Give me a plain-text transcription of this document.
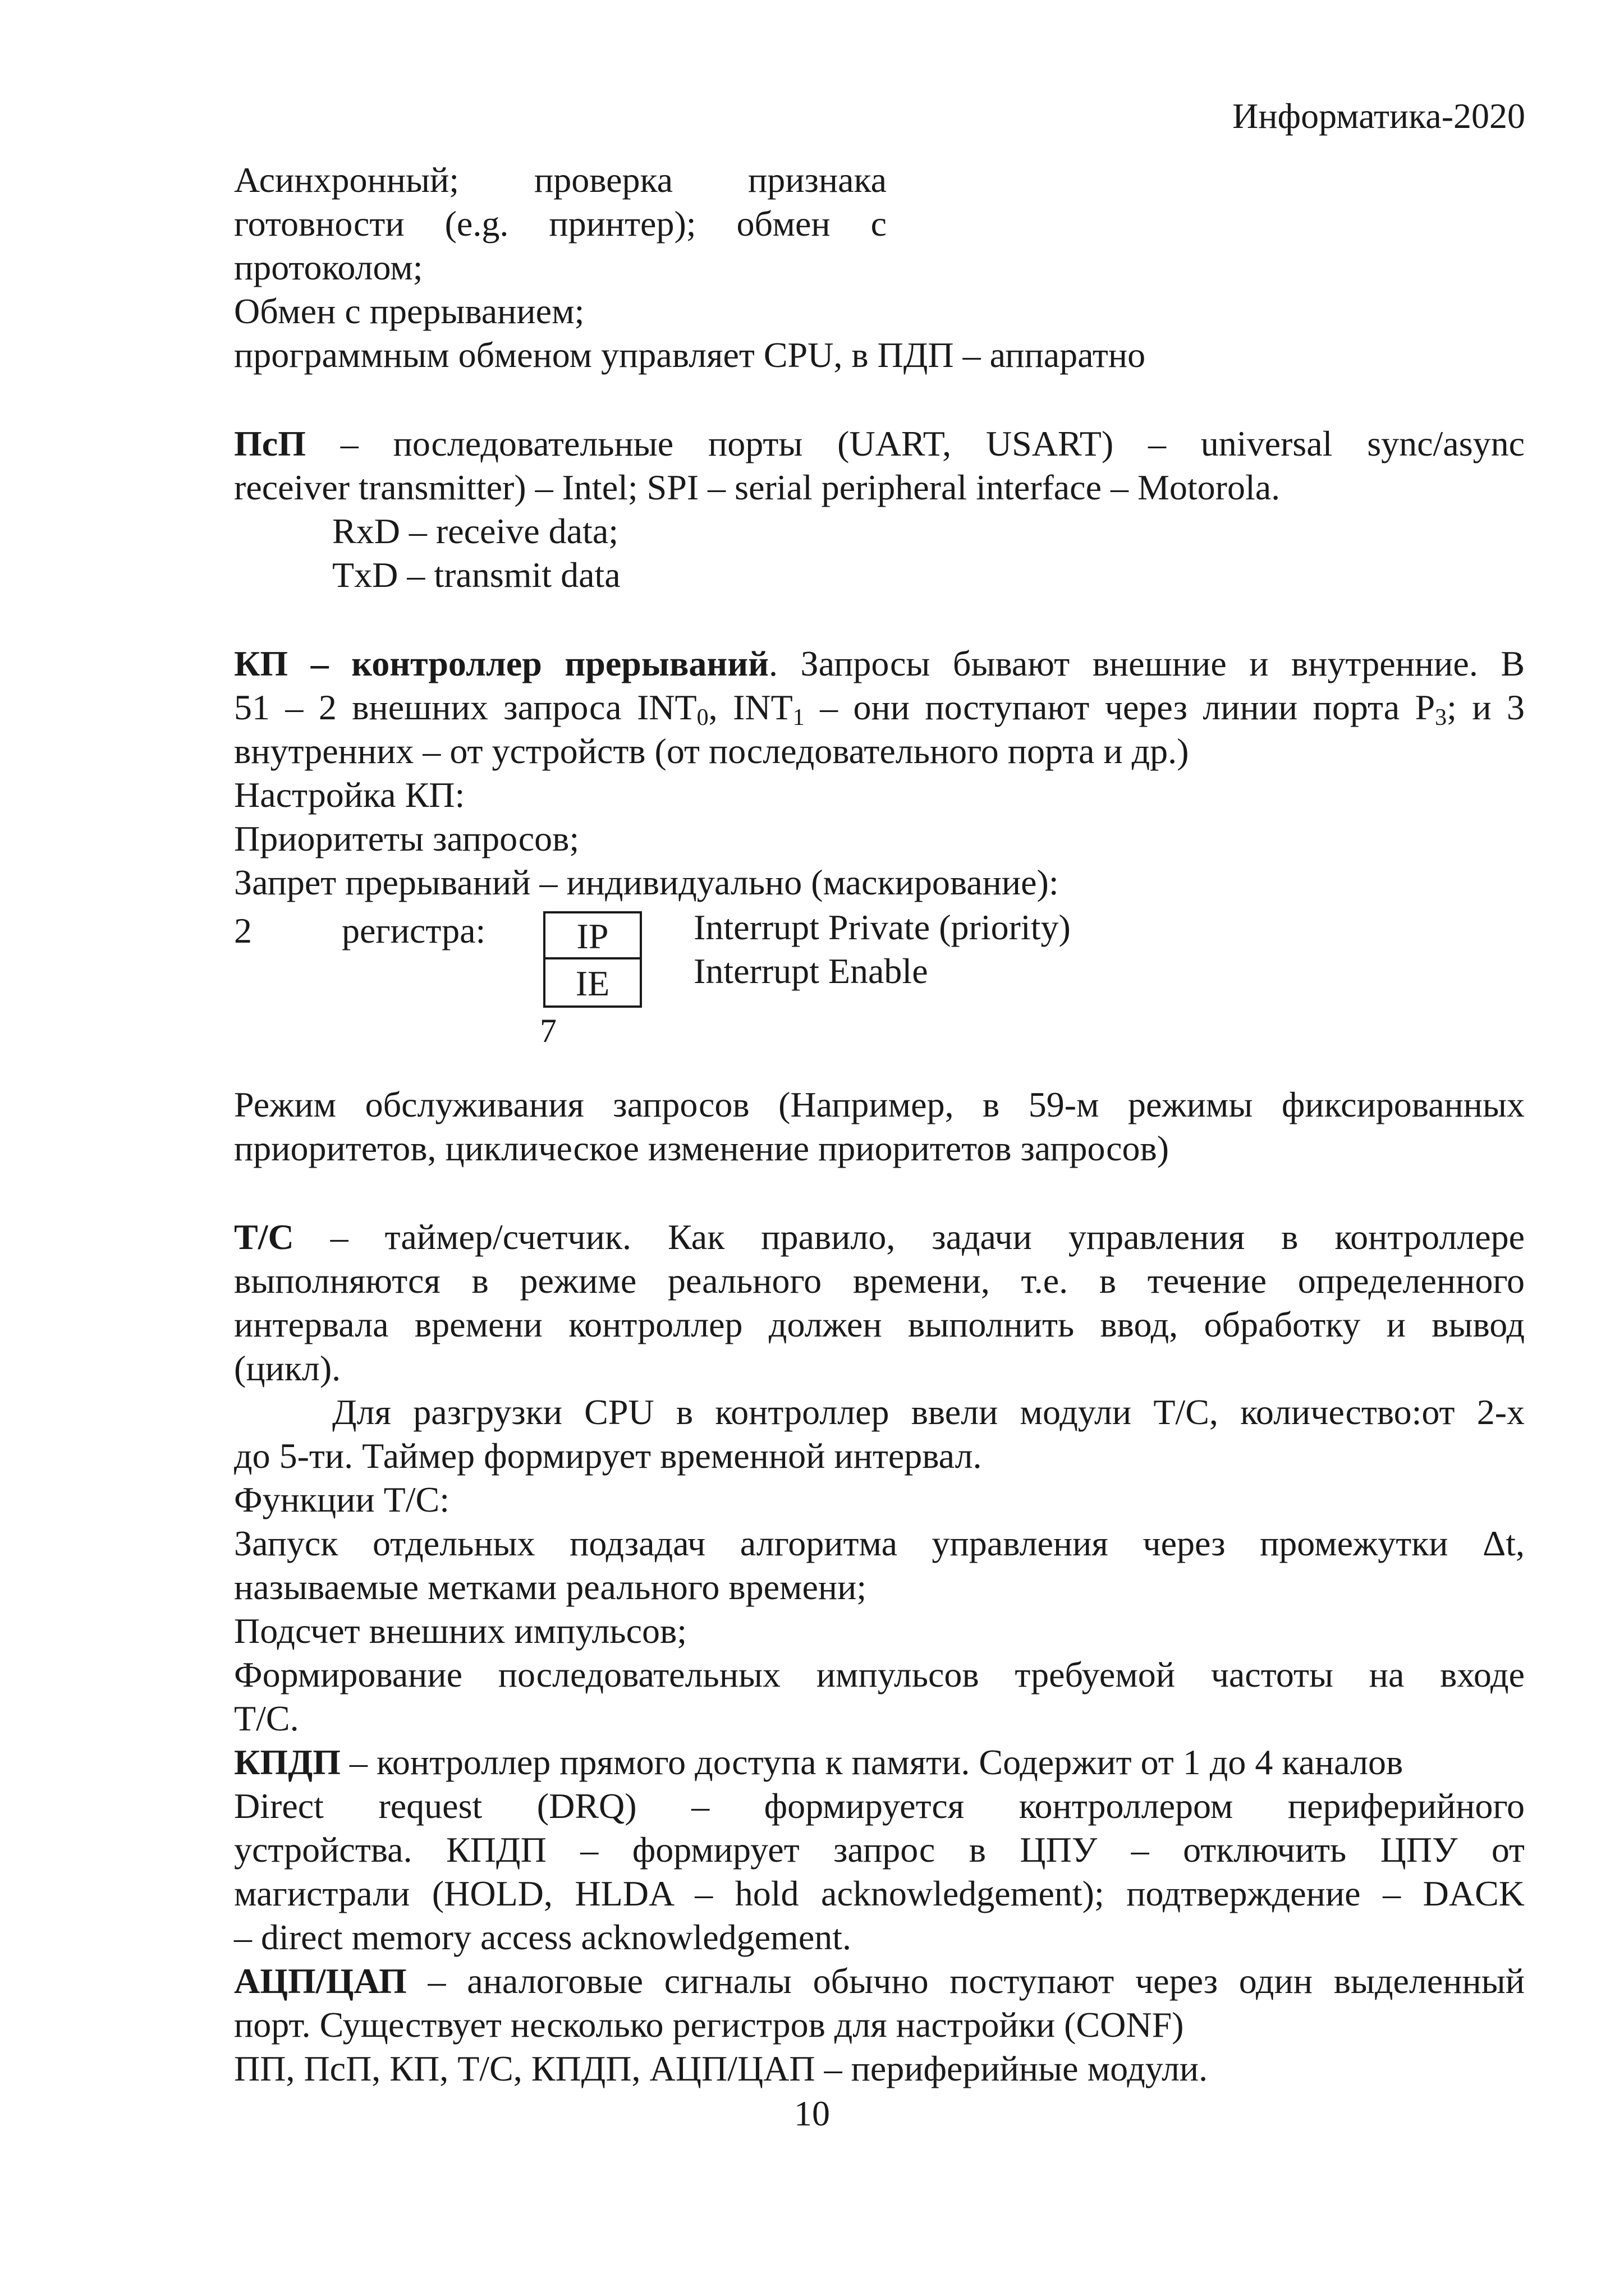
Информатика-2020
Асинхронный; проверка признака
готовности (e.g. принтер); обмен с
протоколом;
Обмен с прерыванием;
программным обменом управляет CPU, в ПДП – аппаратно
ПсП – последовательные порты (UART, USART) – universal sync/async
receiver transmitter) – Intel; SPI – serial peripheral interface – Motorola.
RxD – receive data;
TxD – transmit data
КП – контроллер прерываний. Запросы бывают внешние и внутренние. В
51 – 2 внешних запроса $INT_0$, $INT_1$ – они поступают через линии порта $P_3$; и 3
внутренних – от устройств (от последовательного порта и др.)
Настройка КП:
Приоритеты запросов;
Запрет прерываний – индивидуально (маскирование):
2	регистра:	IP
IE
Interrupt Private (priority)
Interrupt Enable
7
Режим обслуживания запросов (Например, в 59-м режимы фиксированных
приоритетов, циклическое изменение приоритетов запросов)
Т/С – таймер/счетчик. Как правило, задачи управления в контроллере
выполняются в режиме реального времени, т.е. в течение определенного
интервала времени контроллер должен выполнить ввод, обработку и вывод
(цикл).
Для разгрузки CPU в контроллер ввели модули Т/С, количество:от 2-х
до 5-ти. Таймер формирует временной интервал.
Функции Т/С:
Запуск отдельных подзадач алгоритма управления через промежутки Δt,
называемые метками реального времени;
Подсчет внешних импульсов;
Формирование последовательных импульсов требуемой частоты на входе
Т/С.
КПДП – контроллер прямого доступа к памяти. Содержит от 1 до 4 каналов
Direct request (DRQ) – формируется контроллером периферийного
устройства. КПДП – формирует запрос в ЦПУ – отключить ЦПУ от
магистрали (HOLD, HLDA – hold acknowledgement); подтверждение – DACK
– direct memory access acknowledgement.
АЦП/ЦАП – аналоговые сигналы обычно поступают через один выделенный
порт. Существует несколько регистров для настройки (CONF)
ПП, ПсП, КП, Т/С, КПДП, АЦП/ЦАП – периферийные модули.
10
